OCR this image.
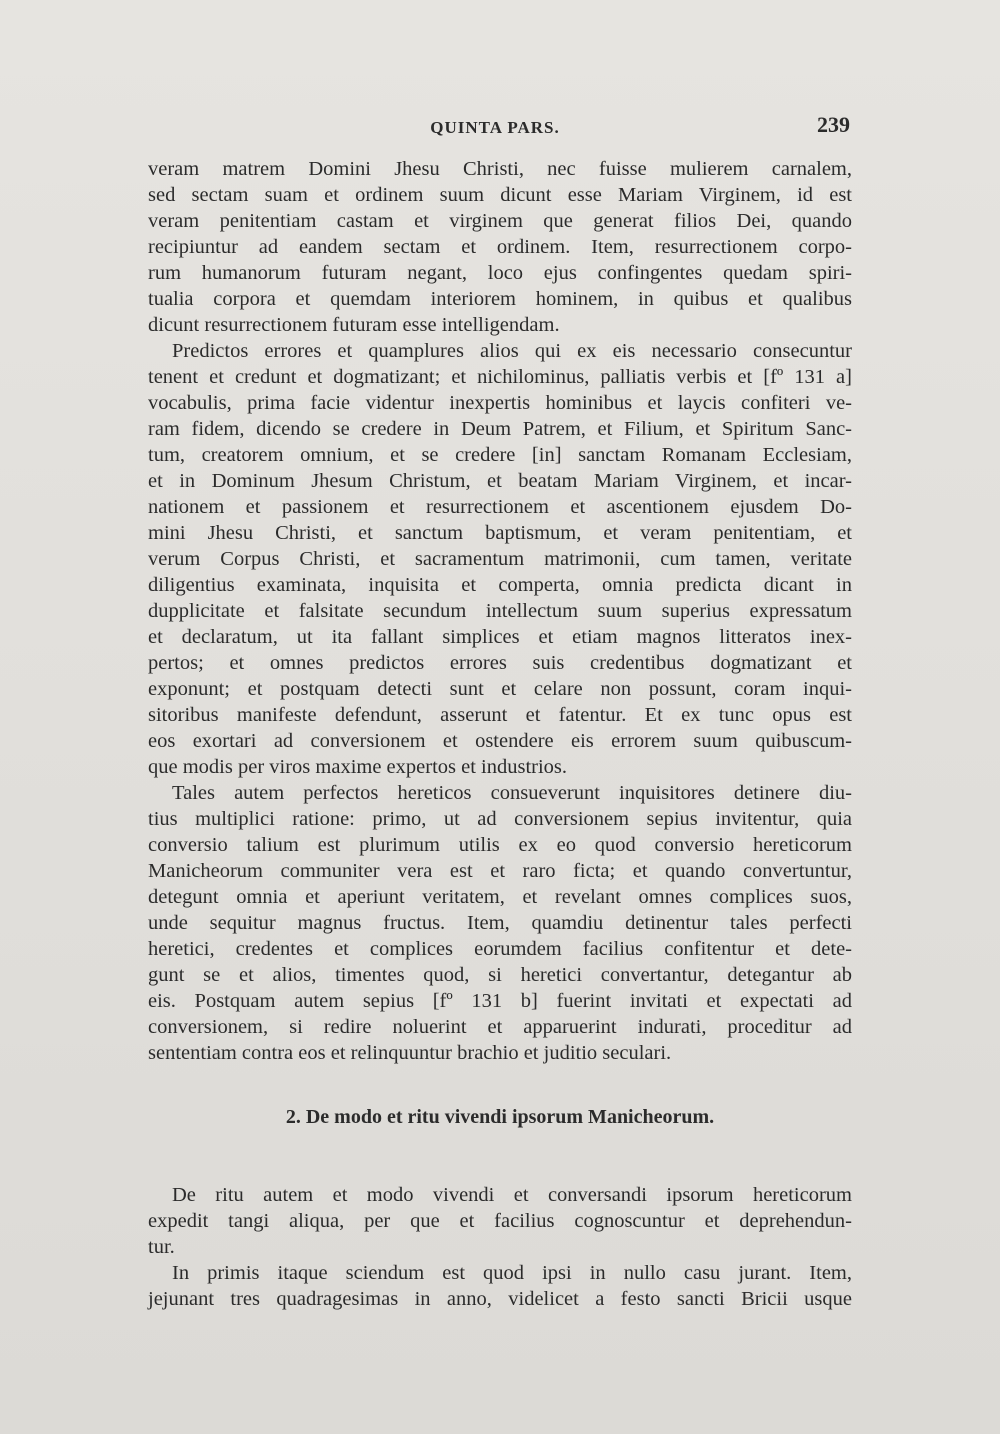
QUINTA PARS.	239
veram matrem Domini Jhesu Christi, nec fuisse mulierem carnalem,
sed sectam suam et ordinem suum dicunt esse Mariam Virginem, id est
veram penitentiam castam et virginem que generat filios Dei, quando
recipiuntur ad eandem sectam et ordinem. Item, resurrectionem corpo-
rum humanorum futuram negant, loco ejus confingentes quedam spiri-
tualia corpora et quemdam interiorem hominem, in quibus et qualibus
dicunt resurrectionem futuram esse intelligendam.
Predictos errores et quamplures alios qui ex eis necessario consecuntur
tenent et credunt et dogmatizant; et nichilominus, palliatis verbis et [fº 131 a]
vocabulis, prima facie videntur inexpertis hominibus et laycis confiteri ve-
ram fidem, dicendo se credere in Deum Patrem, et Filium, et Spiritum Sanc-
tum, creatorem omnium, et se credere [in] sanctam Romanam Ecclesiam,
et in Dominum Jhesum Christum, et beatam Mariam Virginem, et incar-
nationem et passionem et resurrectionem et ascentionem ejusdem Do-
mini Jhesu Christi, et sanctum baptismum, et veram penitentiam, et
verum Corpus Christi, et sacramentum matrimonii, cum tamen, veritate
diligentius examinata, inquisita et comperta, omnia predicta dicant in
dupplicitate et falsitate secundum intellectum suum superius expressatum
et declaratum, ut ita fallant simplices et etiam magnos litteratos inex-
pertos; et omnes predictos errores suis credentibus dogmatizant et
exponunt; et postquam detecti sunt et celare non possunt, coram inqui-
sitoribus manifeste defendunt, asserunt et fatentur. Et ex tunc opus est
eos exortari ad conversionem et ostendere eis errorem suum quibuscum-
que modis per viros maxime expertos et industrios.
Tales autem perfectos hereticos consueverunt inquisitores detinere diu-
tius multiplici ratione: primo, ut ad conversionem sepius invitentur, quia
conversio talium est plurimum utilis ex eo quod conversio hereticorum
Manicheorum communiter vera est et raro ficta; et quando convertuntur,
detegunt omnia et aperiunt veritatem, et revelant omnes complices suos,
unde sequitur magnus fructus. Item, quamdiu detinentur tales perfecti
heretici, credentes et complices eorumdem facilius confitentur et dete-
gunt se et alios, timentes quod, si heretici convertantur, detegantur ab
eis. Postquam autem sepius [fº 131 b] fuerint invitati et expectati ad
conversionem, si redire noluerint et apparuerint indurati, proceditur ad
sententiam contra eos et relinquuntur brachio et juditio seculari.
2. De modo et ritu vivendi ipsorum Manicheorum.
De ritu autem et modo vivendi et conversandi ipsorum hereticorum
expedit tangi aliqua, per que et facilius cognoscuntur et deprehendun-
tur.
In primis itaque sciendum est quod ipsi in nullo casu jurant. Item,
jejunant tres quadragesimas in anno, videlicet a festo sancti Bricii usque
